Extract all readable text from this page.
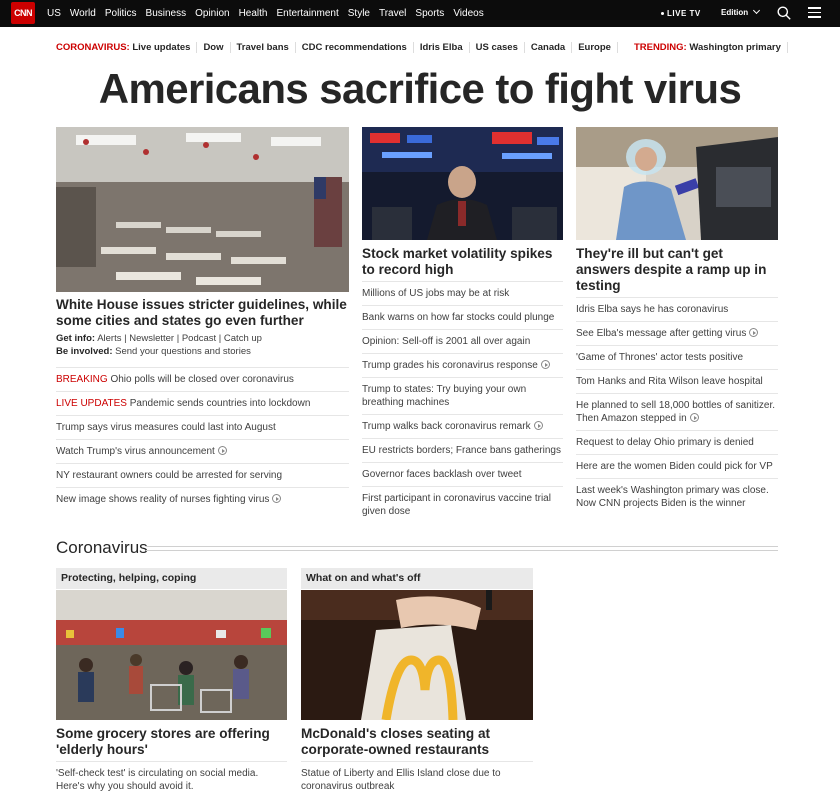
CNN	US World Politics Business Opinion Health Entertainment Style Travel Sports Videos	LIVE TV	Edition
CORONAVIRUS: Live updates	Dow	Travel bans	CDC recommendations	Idris Elba	US cases	Canada	Europe	TRENDING: Washington primary
Americans sacrifice to fight virus
White House issues stricter guidelines, while some cities and states go even further
Get info: Alerts | Newsletter | Podcast | Catch up
Be involved: Send your questions and stories
BREAKING Ohio polls will be closed over coronavirus
LIVE UPDATES Pandemic sends countries into lockdown
Trump says virus measures could last into August
Watch Trump's virus announcement
NY restaurant owners could be arrested for serving
New image shows reality of nurses fighting virus
Stock market volatility spikes to record high
Millions of US jobs may be at risk
Bank warns on how far stocks could plunge
Opinion: Sell-off is 2001 all over again
Trump grades his coronavirus response
Trump to states: Try buying your own breathing machines
Trump walks back coronavirus remark
EU restricts borders; France bans gatherings
Governor faces backlash over tweet
First participant in coronavirus vaccine trial given dose
They're ill but can't get answers despite a ramp up in testing
Idris Elba says he has coronavirus
See Elba's message after getting virus
'Game of Thrones' actor tests positive
Tom Hanks and Rita Wilson leave hospital
He planned to sell 18,000 bottles of sanitizer. Then Amazon stepped in
Request to delay Ohio primary is denied
Here are the women Biden could pick for VP
Last week's Washington primary was close. Now CNN projects Biden is the winner
Coronavirus
Protecting, helping, coping
Some grocery stores are offering 'elderly hours'
'Self-check test' is circulating on social media. Here's why you should avoid it.
What on and what's off
McDonald's closes seating at corporate-owned restaurants
Statue of Liberty and Ellis Island close due to coronavirus outbreak
